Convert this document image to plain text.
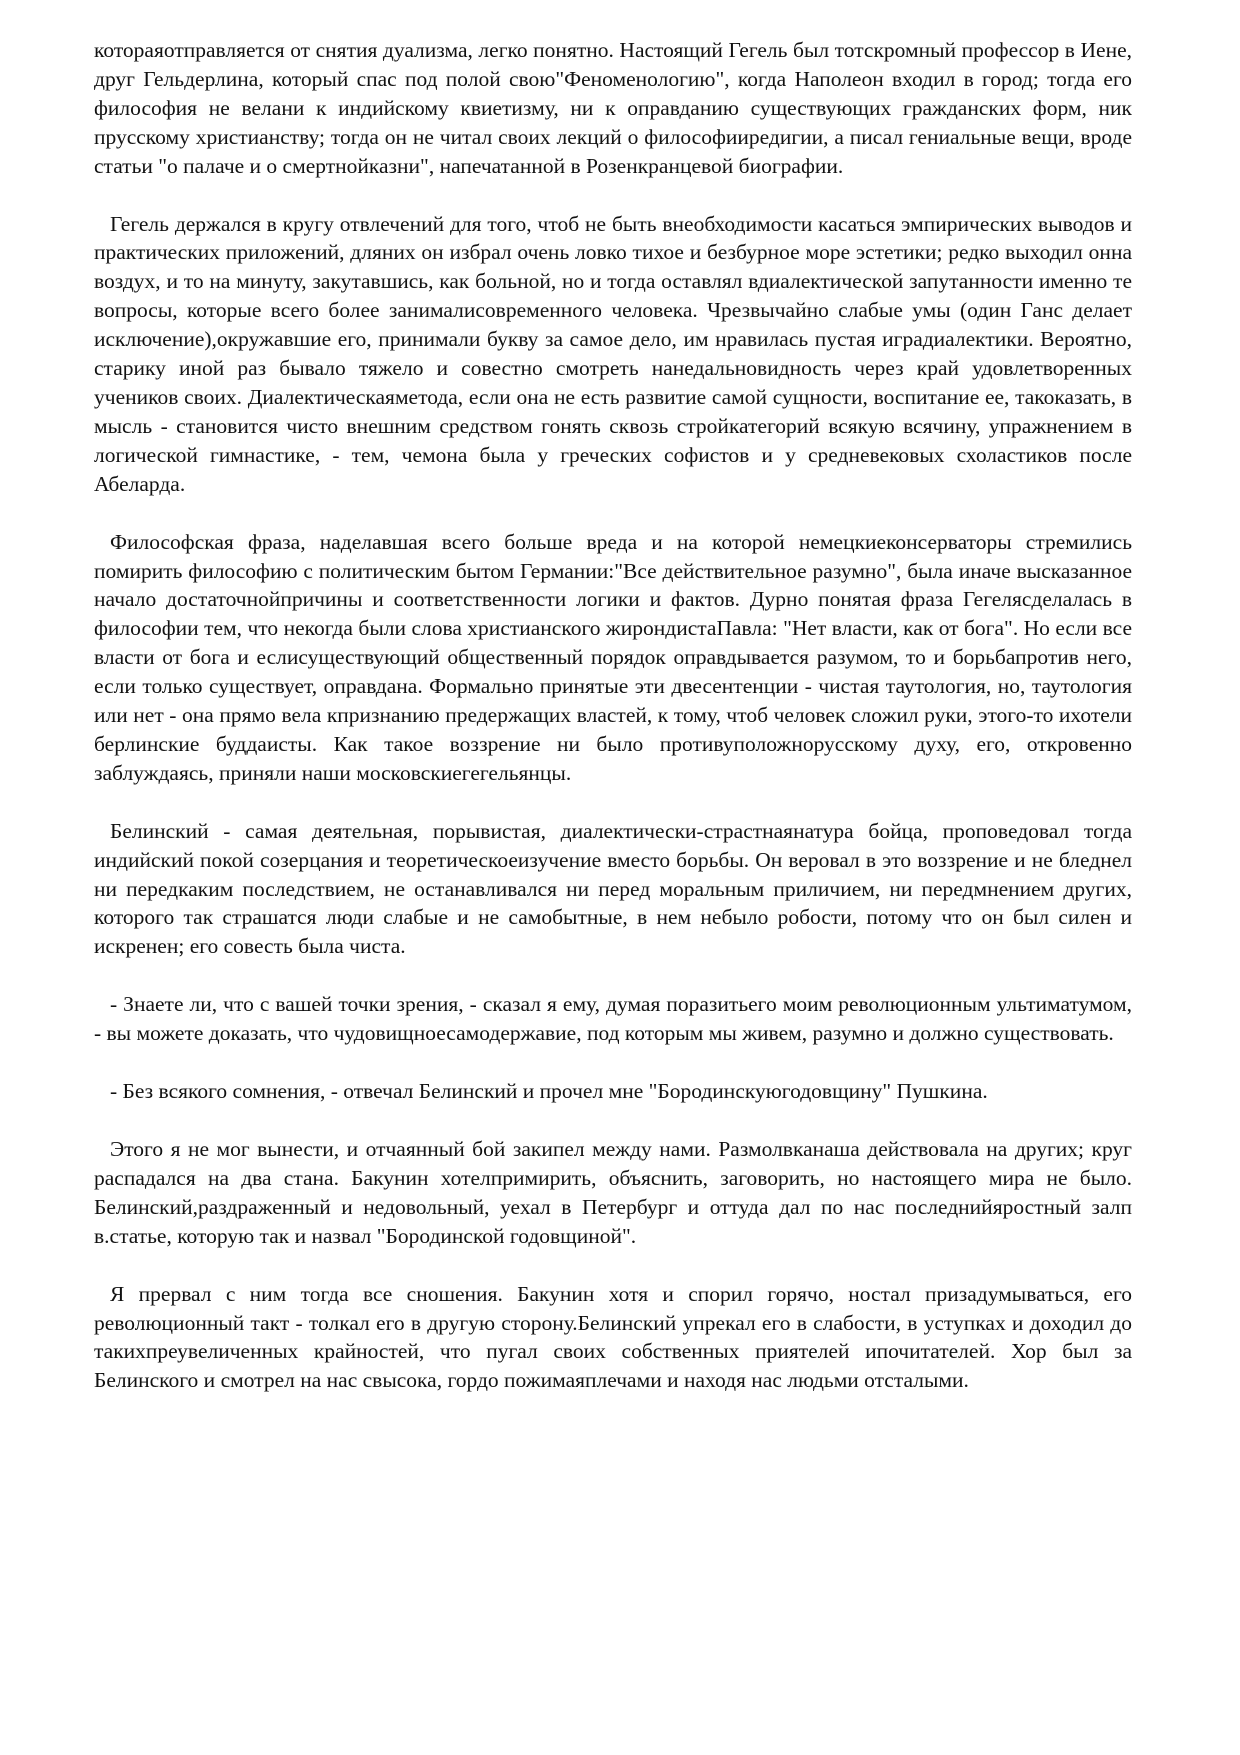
котораяотправляется от снятия дуализма, легко понятно. Настоящий Гегель был тотскромный профессор в Иене, друг Гельдерлина, который спас под полой свою"Феноменологию", когда Наполеон входил в город; тогда его философия не велани к индийскому квиетизму, ни к оправданию существующих гражданских форм, ник прусскому христианству; тогда он не читал своих лекций о философииредигии, а писал гениальные вещи, вроде статьи "о палаче и о смертнойказни", напечатанной в Розенкранцевой биографии.

Гегель держался в кругу отвлечений для того, чтоб не быть внеобходимости касаться эмпирических выводов и практических приложений, дляних он избрал очень ловко тихое и безбурное море эстетики; редко выходил онна воздух, и то на минуту, закутавшись, как больной, но и тогда оставлял вдиалектической запутанности именно те вопросы, которые всего более занималисовременного человека. Чрезвычайно слабые умы (один Ганс делает исключение),окружавшие его, принимали букву за самое дело, им нравилась пустая иградиалектики. Вероятно, старику иной раз бывало тяжело и совестно смотреть нанедальновидность через край удовлетворенных учеников своих. Диалектическаяметода, если она не есть развитие самой сущности, воспитание ее, такоказать, в мысль - становится чисто внешним средством гонять сквозь стройкатегорий всякую всячину, упражнением в логической гимнастике, - тем, чемона была у греческих софистов и у средневековых схоластиков после Абеларда.

Философская фраза, наделавшая всего больше вреда и на которой немецкиеконсерваторы стремились помирить философию с политическим бытом Германии:"Все действительное разумно", была иначе высказанное начало достаточнойпричины и соответственности логики и фактов. Дурно понятая фраза Гегелясделалась в философии тем, что некогда были слова христианского жирондистаПавла: "Нет власти, как от бога". Но если все власти от бога и еслисуществующий общественный порядок оправдывается разумом, то и борьбапротив него, если только существует, оправдана. Формально принятые эти двесентенции - чистая таутология, но, таутология или нет - она прямо вела кпризнанию предержащих властей, к тому, чтоб человек сложил руки, этого-то ихотели берлинские буддаисты. Как такое воззрение ни было противуположнорусскому духу, его, откровенно заблуждаясь, приняли наши московскиегегельянцы.

Белинский - самая деятельная, порывистая, диалектически-страстнаянатура бойца, проповедовал тогда индийский покой созерцания и теоретическоеизучение вместо борьбы. Он веровал в это воззрение и не бледнел ни передкаким последствием, не останавливался ни перед моральным приличием, ни передмнением других, которого так страшатся люди слабые и не самобытные, в нем небыло робости, потому что он был силен и искренен; его совесть была чиста.

- Знаете ли, что с вашей точки зрения, - сказал я ему, думая поразитьего моим революционным ультиматумом, - вы можете доказать, что чудовищноесамодержавие, под которым мы живем, разумно и должно существовать.

- Без всякого сомнения, - отвечал Белинский и прочел мне "Бородинскуюгодовщину" Пушкина.

Этого я не мог вынести, и отчаянный бой закипел между нами. Размолвканаша действовала на других; круг распадался на два стана. Бакунин хотелпримирить, объяснить, заговорить, но настоящего мира не было. Белинский,раздраженный и недовольный, уехал в Петербург и оттуда дал по нас последнийяростный залп в.статье, которую так и назвал "Бородинской годовщиной".

Я прервал с ним тогда все сношения. Бакунин хотя и спорил горячо, ностал призадумываться, его революционный такт - толкал его в другую сторону.Белинский упрекал его в слабости, в уступках и доходил до такихпреувеличенных крайностей, что пугал своих собственных приятелей ипочитателей. Хор был за Белинского и смотрел на нас свысока, гордо пожимаяплечами и находя нас людьми отсталыми.
